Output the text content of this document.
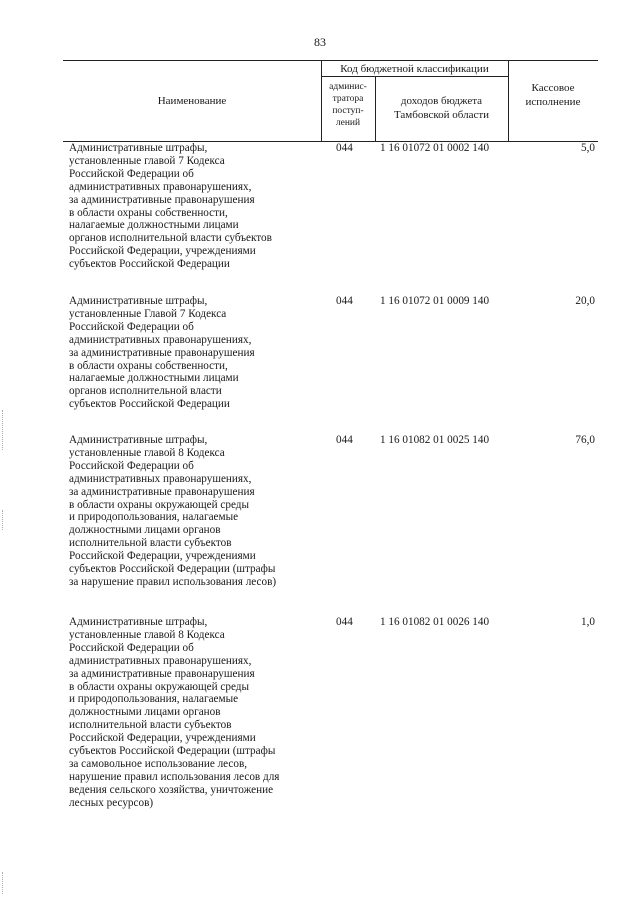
83
Наименование
Код бюджетной классификации
админис-
тратора
поступ-
лений
доходов бюджета
Тамбовской области
Кассовое
исполнение
Административные штрафы,
установленные главой 7 Кодекса
Российской Федерации об
административных правонарушениях,
за административные правонарушения
в области охраны собственности,
налагаемые должностными лицами
органов исполнительной власти субъектов
Российской Федерации, учреждениями
субъектов Российской Федерации
044 1 16 01072 01 0002 140	5,0
Административные штрафы,
установленные Главой 7 Кодекса
Российской Федерации об
административных правонарушениях,
за административные правонарушения
в области охраны собственности,
налагаемые должностными лицами
органов исполнительной власти
субъектов Российской Федерации
044 1 16 01072 01 0009 140	20,0
Административные штрафы,
установленные главой 8 Кодекса
Российской Федерации об
административных правонарушениях,
за административные правонарушения
в области охраны окружающей среды
и природопользования, налагаемые
должностными лицами органов
исполнительной власти субъектов
Российской Федерации, учреждениями
субъектов Российской Федерации (штрафы
за нарушение правил использования лесов)
044 1 16 01082 01 0025 140	76,0
Административные штрафы,
установленные главой 8 Кодекса
Российской Федерации об
административных правонарушениях,
за административные правонарушения
в области охраны окружающей среды
и природопользования, налагаемые
должностными лицами органов
исполнительной власти субъектов
Российской Федерации, учреждениями
субъектов Российской Федерации (штрафы
за самовольное использование лесов,
нарушение правил использования лесов для
ведения сельского хозяйства, уничтожение
лесных ресурсов)
044 1 16 01082 01 0026 140	1,0
